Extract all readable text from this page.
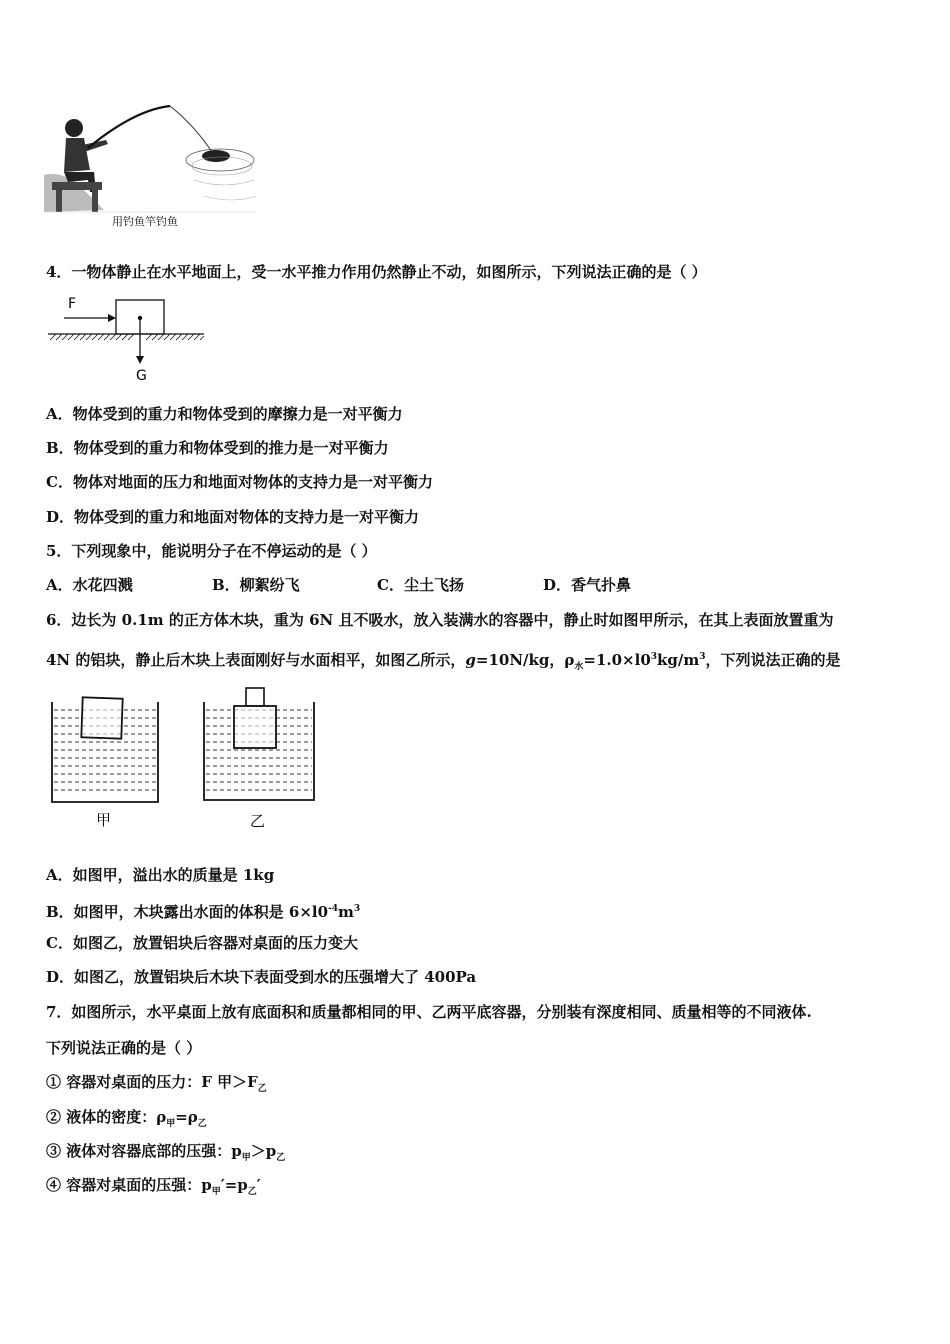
用钓鱼竿钓鱼
4．一物体静止在水平地面上，受一水平推力作用仍然静止不动，如图所示，下列说法正确的是（ ）
F
G
A．物体受到的重力和物体受到的摩擦力是一对平衡力
B．物体受到的重力和物体受到的推力是一对平衡力
C．物体对地面的压力和地面对物体的支持力是一对平衡力
D．物体受到的重力和地面对物体的支持力是一对平衡力
5．下列现象中，能说明分子在不停运动的是（ ）
A．水花四溅	B．柳絮纷飞	C．尘土飞扬	D．香气扑鼻
6．边长为 0.1m 的正方体木块，重为 6N 且不吸水，放入装满水的容器中，静止时如图甲所示，在其上表面放置重为
4N 的铝块，静止后木块上表面刚好与水面相平，如图乙所示，g=10N/kg，$\rho_水=1.0\times l0^3kg/m^3$，下列说法正确的是
甲	乙
A．如图甲，溢出水的质量是 1kg
B．如图甲，木块露出水面的体积是 $6\times l0^{-4}m^3$
C．如图乙，放置铝块后容器对桌面的压力变大
D．如图乙，放置铝块后木块下表面受到水的压强增大了 400Pa
7．如图所示，水平桌面上放有底面积和质量都相同的甲、乙两平底容器，分别装有深度相同、质量相等的不同液体.
下列说法正确的是（ ）
① 容器对桌面的压力：F 甲$>F_乙$
② 液体的密度：$\rho_甲=\rho_乙$
③ 液体对容器底部的压强：$p_甲>p_乙$
④ 容器对桌面的压强：$p_甲'=p_乙'$
